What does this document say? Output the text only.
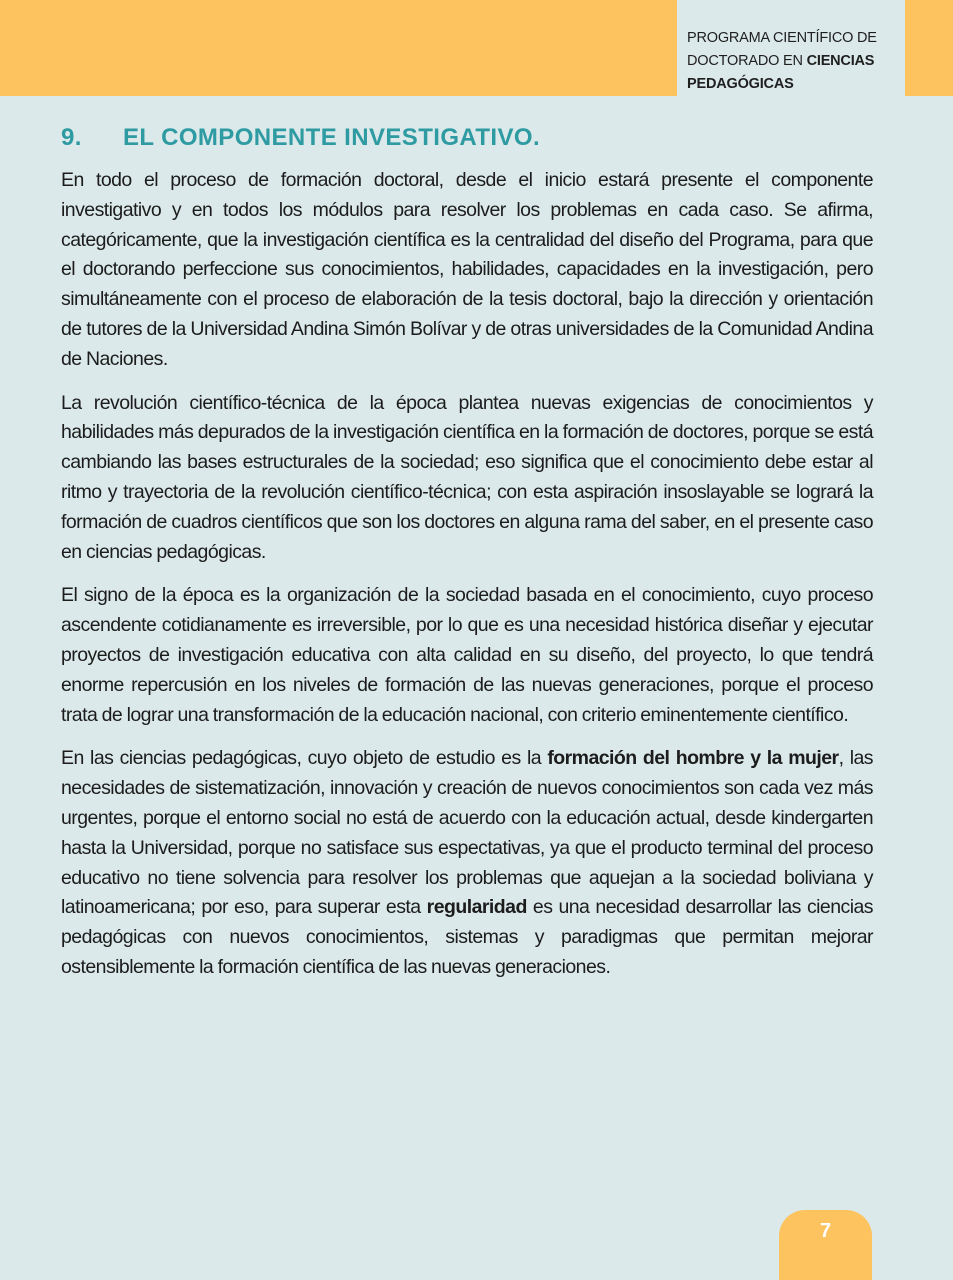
PROGRAMA CIENTÍFICO DE
DOCTORADO EN CIENCIAS
PEDAGÓGICAS
9.	EL COMPONENTE INVESTIGATIVO.

En todo el proceso de formación doctoral, desde el inicio estará presente el componente investigativo y en todos los módulos para resolver los problemas en cada caso. Se afirma, categóricamente, que la investigación científica es la centralidad del diseño del Programa, para que el doctorando perfeccione sus conocimientos, habilidades, capacidades en la investigación, pero simultáneamente con el proceso de elaboración de la tesis doctoral, bajo la dirección y orientación de tutores de la Universidad Andina Simón Bolívar y de otras universidades de la Comunidad Andina de Naciones.

La revolución científico-técnica de la época plantea nuevas exigencias de conocimientos y habilidades más depurados de la investigación científica en la formación de doctores, porque se está cambiando las bases estructurales de la sociedad; eso significa que el conocimiento debe estar al ritmo y trayectoria de la revolución científico-técnica; con esta aspiración insoslayable se logrará la formación de cuadros científicos que son los doctores en alguna rama del saber, en el presente caso en ciencias pedagógicas.

El signo de la época es la organización de la sociedad basada en el conocimiento, cuyo proceso ascendente cotidianamente es irreversible, por lo que es una necesidad histórica diseñar y ejecutar proyectos de investigación educativa con alta calidad en su diseño, del proyecto, lo que tendrá enorme repercusión en los niveles de formación de las nuevas generaciones, porque el proceso trata de lograr una transformación de la educación nacional, con criterio eminentemente científico.

En las ciencias pedagógicas, cuyo objeto de estudio es la formación del hombre y la mujer, las necesidades de sistematización, innovación y creación de nuevos conocimientos son cada vez más urgentes, porque el entorno social no está de acuerdo con la educación actual, desde kindergarten hasta la Universidad, porque no satisface sus espectativas, ya que el producto terminal del proceso educativo no tiene solvencia para resolver los problemas que aquejan a la sociedad boliviana y latinoamericana; por eso, para superar esta regularidad es una necesidad desarrollar las ciencias pedagógicas con nuevos conocimientos, sistemas y paradigmas que permitan mejorar ostensiblemente la formación científica de las nuevas generaciones.

7
